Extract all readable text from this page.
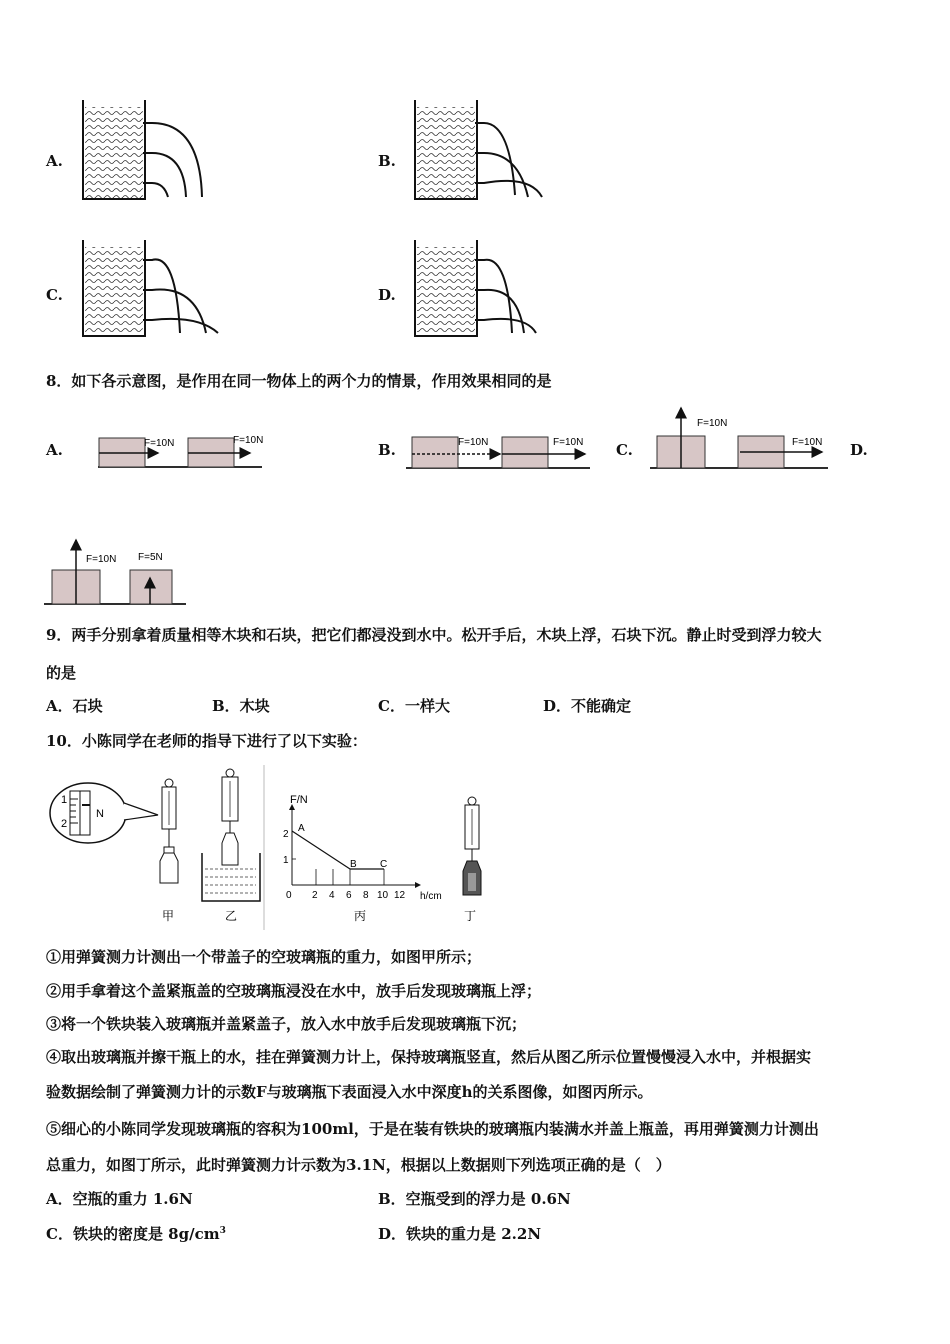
A.	B.
C.	D.
8．如下各示意图，是作用在同一物体上的两个力的情景，作用效果相同的是
A.	B.	C.	D.
F=10N	F=10N	F=10N	F=10N
F=10N
F=10N
F=10N F=5N
9．两手分别拿着质量相等木块和石块，把它们都浸没到水中。松开手后，木块上浮，石块下沉。静止时受到浮力较大
的是
A．石块	B．木块	C．一样大	D．不能确定
10．小陈同学在老师的指导下进行了以下实验：
1
2
N
甲	乙
F/N
h/cm
1
2
0 2 4 6 8 10 12
A
B C
丙	丁
①用弹簧测力计测出一个带盖子的空玻璃瓶的重力，如图甲所示；
②用手拿着这个盖紧瓶盖的空玻璃瓶浸没在水中，放手后发现玻璃瓶上浮；
③将一个铁块装入玻璃瓶并盖紧盖子，放入水中放手后发现玻璃瓶下沉；
④取出玻璃瓶并擦干瓶上的水，挂在弹簧测力计上，保持玻璃瓶竖直，然后从图乙所示位置慢慢浸入水中，并根据实
验数据绘制了弹簧测力计的示数F与玻璃瓶下表面浸入水中深度h的关系图像，如图丙所示。
⑤细心的小陈同学发现玻璃瓶的容积为100ml，于是在装有铁块的玻璃瓶内装满水并盖上瓶盖，再用弹簧测力计测出
总重力，如图丁所示，此时弹簧测力计示数为3.1N，根据以上数据则下列选项正确的是（　）
A．空瓶的重力 1.6N	B．空瓶受到的浮力是 0.6N
C．铁块的密度是 $8g/cm^3$	D．铁块的重力是 2.2N
